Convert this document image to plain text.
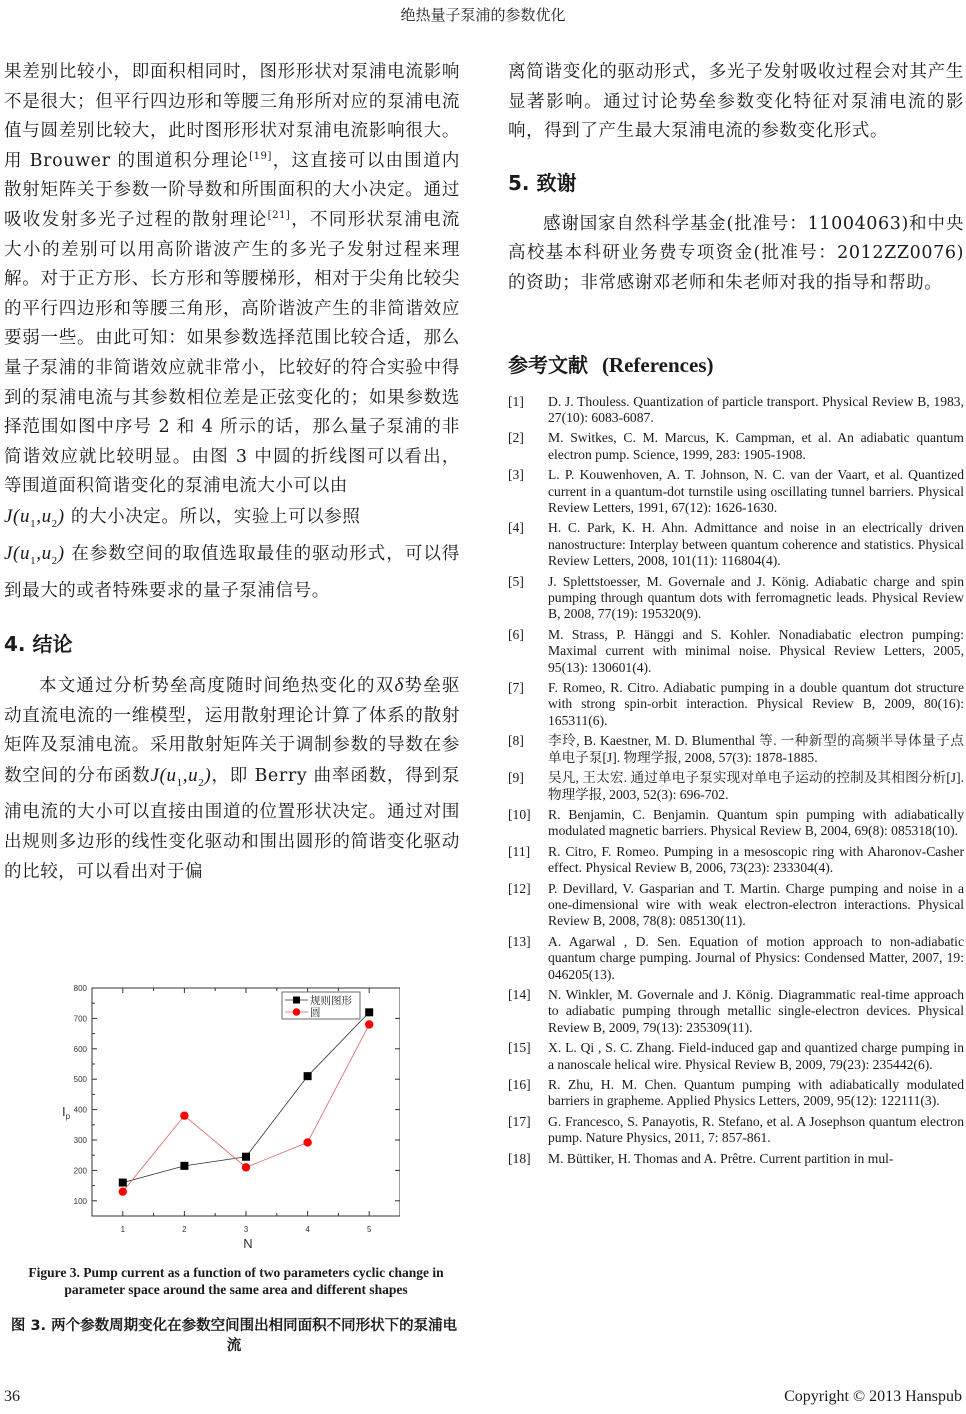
绝热量子泵浦的参数优化

果差别比较小，即面积相同时，图形形状对泵浦电流影响不是很大；但平行四边形和等腰三角形所对应的泵浦电流值与圆差别比较大，此时图形形状对泵浦电流影响很大。用 Brouwer 的围道积分理论[19]，这直接可以由围道内散射矩阵关于参数一阶导数和所围面积的大小决定。通过吸收发射多光子过程的散射理论[21]，不同形状泵浦电流大小的差别可以用高阶谐波产生的多光子发射过程来理解。对于正方形、长方形和等腰梯形，相对于尖角比较尖的平行四边形和等腰三角形，高阶谐波产生的非简谐效应要弱一些。由此可知：如果参数选择范围比较合适，那么量子泵浦的非简谐效应就非常小，比较好的符合实验中得到的泵浦电流与其参数相位差是正弦变化的；如果参数选择范围如图中序号 2 和 4 所示的话，那么量子泵浦的非简谐效应就比较明显。由图 3 中圆的折线图可以看出，等围道面积简谐变化的泵浦电流大小可以由
$J(u_1,u_2)$ 的大小决定。所以，实验上可以参照
$J(u_1,u_2)$ 在参数空间的取值选取最佳的驱动形式，可以得到最大的或者特殊要求的量子泵浦信号。

4. 结论

本文通过分析势垒高度随时间绝热变化的双δ势垒驱动直流电流的一维模型，运用散射理论计算了体系的散射矩阵及泵浦电流。采用散射矩阵关于调制参数的导数在参数空间的分布函数$J(u_1,u_2)$，即 Berry 曲率函数，得到泵浦电流的大小可以直接由围道的位置形状决定。通过对围出规则多边形的线性变化驱动和围出圆形的简谐变化驱动的比较，可以看出对于偏

100
200
300
400
500
600
700
800
1	2	3	4	5
$I_p$
N
规则图形
圆
Figure 3. Pump current as a function of two parameters cyclic change in parameter space around the same area and different shapes
图 3. 两个参数周期变化在参数空间围出相同面积不同形状下的泵浦电流

离简谐变化的驱动形式，多光子发射吸收过程会对其产生显著影响。通过讨论势垒参数变化特征对泵浦电流的影响，得到了产生最大泵浦电流的参数变化形式。

5. 致谢

感谢国家自然科学基金(批准号：11004063)和中央高校基本科研业务费专项资金(批准号：2012ZZ0076)的资助；非常感谢邓老师和朱老师对我的指导和帮助。

参考文献 (References)
[1]	D. J. Thouless. Quantization of particle transport. Physical Review B, 1983, 27(10): 6083-6087.
[2]	M. Switkes, C. M. Marcus, K. Campman, et al. An adiabatic quantum electron pump. Science, 1999, 283: 1905-1908.
[3]	L. P. Kouwenhoven, A. T. Johnson, N. C. van der Vaart, et al. Quantized current in a quantum-dot turnstile using oscillating tunnel barriers. Physical Review Letters, 1991, 67(12): 1626-1630.
[4]	H. C. Park, K. H. Ahn. Admittance and noise in an electrically driven nanostructure: Interplay between quantum coherence and statistics. Physical Review Letters, 2008, 101(11): 116804(4).
[5]	J. Splettstoesser, M. Governale and J. König. Adiabatic charge and spin pumping through quantum dots with ferromagnetic leads. Physical Review B, 2008, 77(19): 195320(9).
[6]	M. Strass, P. Hänggi and S. Kohler. Nonadiabatic electron pumping: Maximal current with minimal noise. Physical Review Letters, 2005, 95(13): 130601(4).
[7]	F. Romeo, R. Citro. Adiabatic pumping in a double quantum dot structure with strong spin-orbit interaction. Physical Review B, 2009, 80(16): 165311(6).
[8]	李玲, B. Kaestner, M. D. Blumenthal 等. 一种新型的高频半导体量子点单电子泵[J]. 物理学报, 2008, 57(3): 1878-1885.
[9]	吴凡, 王太宏. 通过单电子泵实现对单电子运动的控制及其相图分析[J]. 物理学报, 2003, 52(3): 696-702.
[10]	R. Benjamin, C. Benjamin. Quantum spin pumping with adiabatically modulated magnetic barriers. Physical Review B, 2004, 69(8): 085318(10).
[11]	R. Citro, F. Romeo. Pumping in a mesoscopic ring with Aharonov-Casher effect. Physical Review B, 2006, 73(23): 233304(4).
[12]	P. Devillard, V. Gasparian and T. Martin. Charge pumping and noise in a one-dimensional wire with weak electron-electron interactions. Physical Review B, 2008, 78(8): 085130(11).
[13]	A. Agarwal , D. Sen. Equation of motion approach to non-adiabatic quantum charge pumping. Journal of Physics: Condensed Matter, 2007, 19: 046205(13).
[14]	N. Winkler, M. Governale and J. König. Diagrammatic real-time approach to adiabatic pumping through metallic single-electron devices. Physical Review B, 2009, 79(13): 235309(11).
[15]	X. L. Qi , S. C. Zhang. Field-induced gap and quantized charge pumping in a nanoscale helical wire. Physical Review B, 2009, 79(23): 235442(6).
[16]	R. Zhu, H. M. Chen. Quantum pumping with adiabatically modulated barriers in grapheme. Applied Physics Letters, 2009, 95(12): 122111(3).
[17]	G. Francesco, S. Panayotis, R. Stefano, et al. A Josephson quantum electron pump. Nature Physics, 2011, 7: 857-861.
[18]	M. Büttiker, H. Thomas and A. Prêtre. Current partition in mul-
36	Copyright © 2013 Hanspub
